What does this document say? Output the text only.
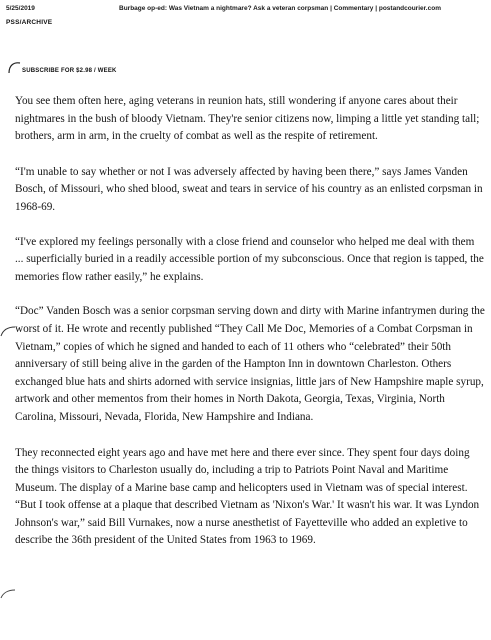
5/25/2019	Burbage op-ed: Was Vietnam a nightmare? Ask a veteran corpsman | Commentary | postandcourier.com
PSS/ARCHIVE
SUBSCRIBE FOR $2.98 / WEEK

You see them often here, aging veterans in reunion hats, still wondering if anyone cares about their nightmares in the bush of bloody Vietnam. They're senior citizens now, limping a little yet standing tall; brothers, arm in arm, in the cruelty of combat as well as the respite of retirement.

“I'm unable to say whether or not I was adversely affected by having been there,” says James Vanden Bosch, of Missouri, who shed blood, sweat and tears in service of his country as an enlisted corpsman in 1968-69.

“I've explored my feelings personally with a close friend and counselor who helped me deal with them ... superficially buried in a readily accessible portion of my subconscious. Once that region is tapped, the memories flow rather easily,” he explains.

“Doc” Vanden Bosch was a senior corpsman serving down and dirty with Marine infantrymen during the worst of it. He wrote and recently published “They Call Me Doc, Memories of a Combat Corpsman in Vietnam,” copies of which he signed and handed to each of 11 others who “celebrated” their 50th anniversary of still being alive in the garden of the Hampton Inn in downtown Charleston. Others exchanged blue hats and shirts adorned with service insignias, little jars of New Hampshire maple syrup, artwork and other mementos from their homes in North Dakota, Georgia, Texas, Virginia, North Carolina, Missouri, Nevada, Florida, New Hampshire and Indiana.

They reconnected eight years ago and have met here and there ever since. They spent four days doing the things visitors to Charleston usually do, including a trip to Patriots Point Naval and Maritime Museum. The display of a Marine base camp and helicopters used in Vietnam was of special interest. “But I took offense at a plaque that described Vietnam as 'Nixon's War.' It wasn't his war. It was Lyndon Johnson's war,” said Bill Vurnakes, now a nurse anesthetist of Fayetteville who added an expletive to describe the 36th president of the United States from 1963 to 1969.
